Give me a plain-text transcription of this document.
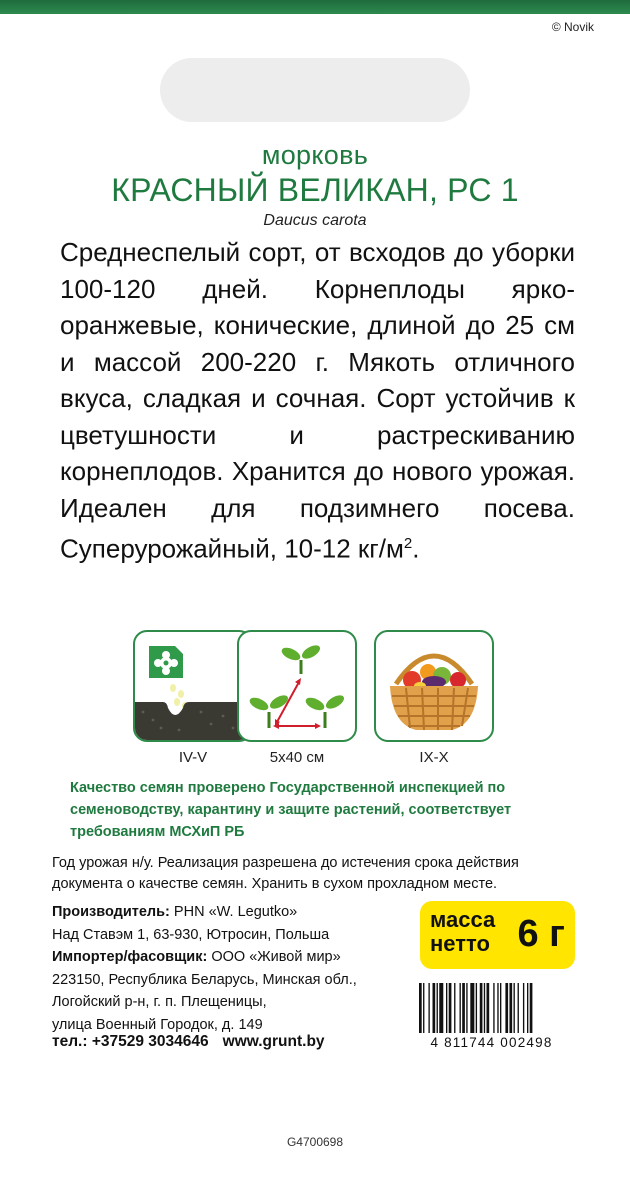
© Novik
морковь
КРАСНЫЙ ВЕЛИКАН, РС 1
Daucus carota
Среднеспелый сорт, от всходов до уборки 100-120 дней. Корнеплоды ярко-оранжевые, конические, длиной до 25 см и массой 200-220 г. Мякоть отличного вкуса, сладкая и сочная. Сорт устойчив к цветушности и растрескиванию корнеплодов. Хранится до нового урожая. Идеален для подзимнего посева. Суперурожайный, 10-12 $кг/м^2$.
IV-V	5x40 см	IX-X
Качество семян проверено Государственной инспекцией по семеноводству, карантину и защите растений, соответствует требованиям МСХиП РБ
Год урожая н/у. Реализация разрешена до истечения срока действия документа о качестве семян. Хранить в сухом прохладном месте.
Производитель: PHN «W. Legutko»
Над Ставэм 1, 63-930, Ютросин, Польша
Импортер/фасовщик: ООО «Живой мир»
223150, Республика Беларусь, Минская обл.,
Логойский р-н, г. п. Плещеницы,
улица Военный Городок, д. 149
тел.: +37529 3034646 www.grunt.by
масса
нетто 6 г
4 811744 002498
G4700698
